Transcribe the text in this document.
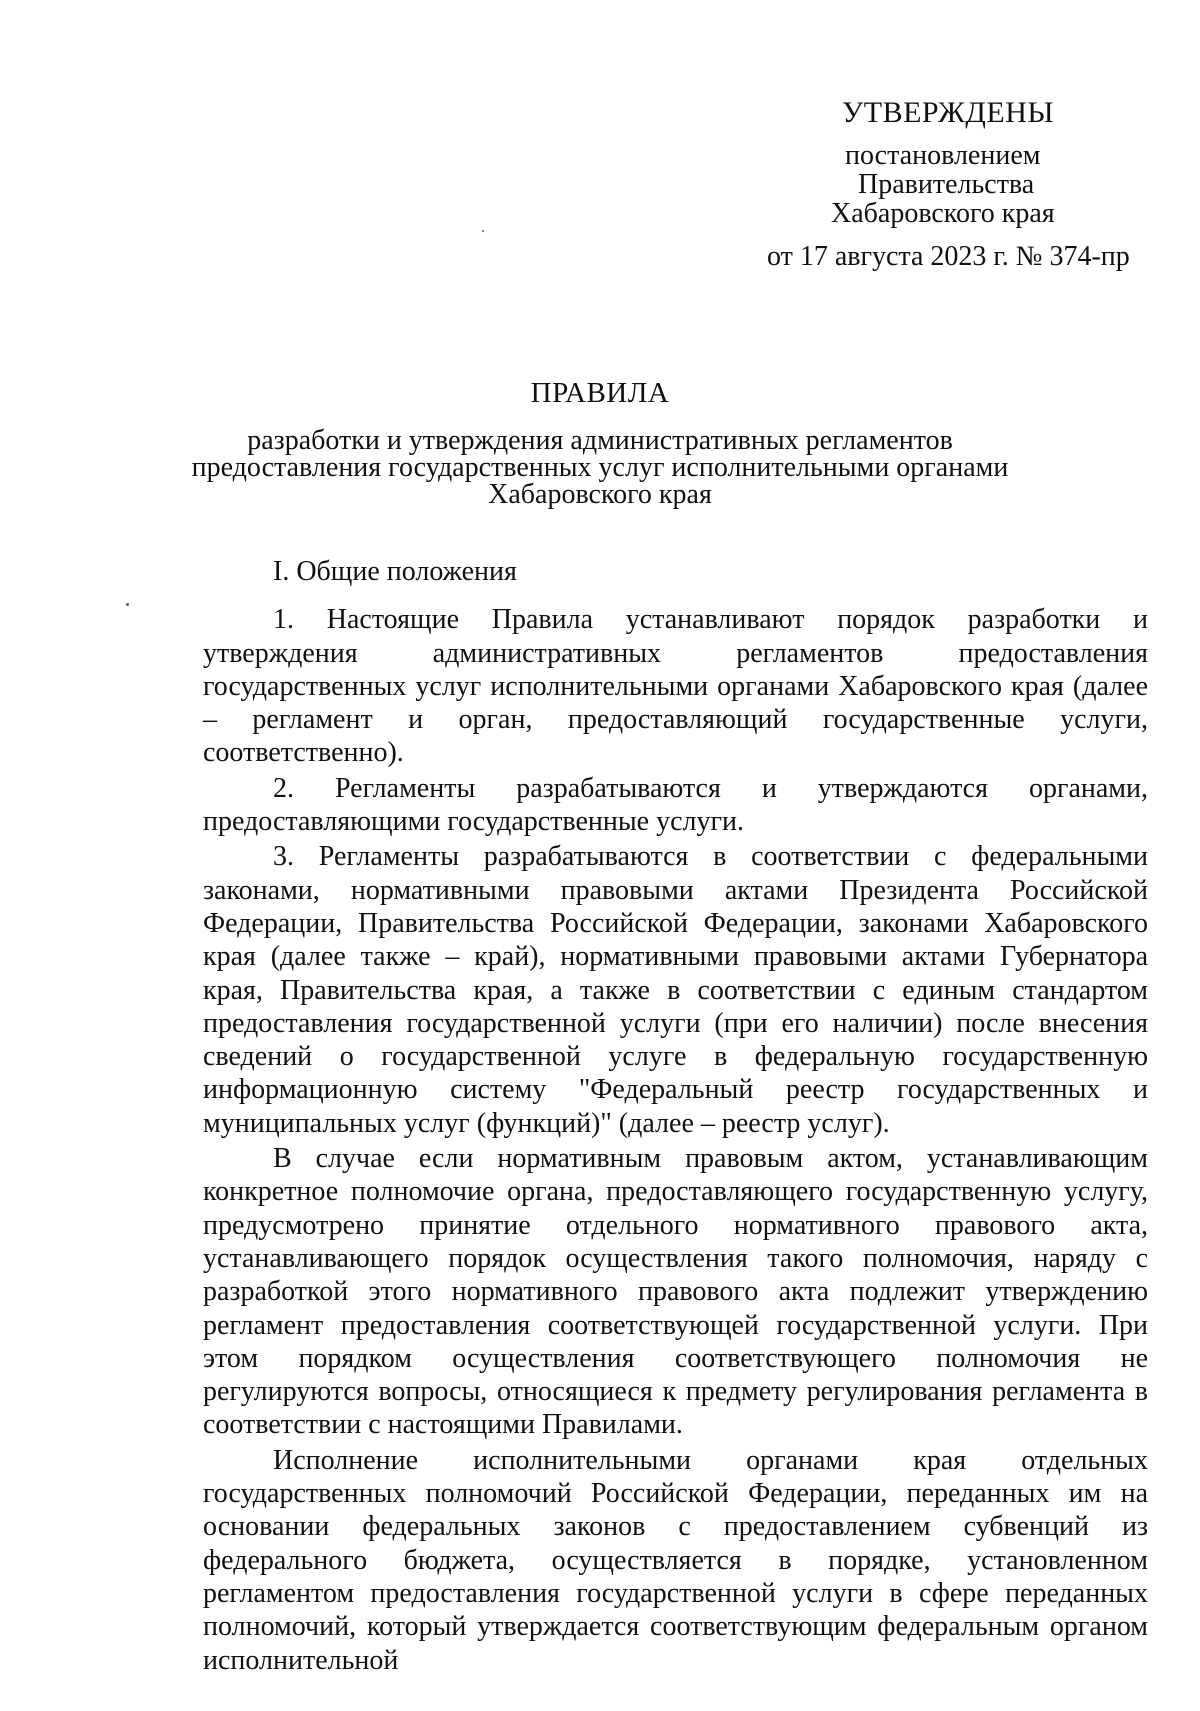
УТВЕРЖДЕНЫ
постановлением
Правительства
Хабаровского края
от 17 августа 2023 г. № 374-пр
ПРАВИЛА
разработки и утверждения административных регламентов
предоставления государственных услуг исполнительными органами
Хабаровского края
I. Общие положения

1. Настоящие Правила устанавливают порядок разработки и утверждения административных регламентов предоставления государственных услуг исполнительными органами Хабаровского края (далее – регламент и орган, предоставляющий государственные услуги, соответственно).

2. Регламенты разрабатываются и утверждаются органами, предоставляющими государственные услуги.

3. Регламенты разрабатываются в соответствии с федеральными законами, нормативными правовыми актами Президента Российской Федерации, Правительства Российской Федерации, законами Хабаровского края (далее также – край), нормативными правовыми актами Губернатора края, Правительства края, а также в соответствии с единым стандартом предоставления государственной услуги (при его наличии) после внесения сведений о государственной услуге в федеральную государственную информационную систему "Федеральный реестр государственных и муниципальных услуг (функций)" (далее – реестр услуг).

В случае если нормативным правовым актом, устанавливающим конкретное полномочие органа, предоставляющего государственную услугу, предусмотрено принятие отдельного нормативного правового акта, устанавливающего порядок осуществления такого полномочия, наряду с разработкой этого нормативного правового акта подлежит утверждению регламент предоставления соответствующей государственной услуги. При этом порядком осуществления соответствующего полномочия не регулируются вопросы, относящиеся к предмету регулирования регламента в соответствии с настоящими Правилами.

Исполнение исполнительными органами края отдельных государственных полномочий Российской Федерации, переданных им на основании федеральных законов с предоставлением субвенций из федерального бюджета, осуществляется в порядке, установленном регламентом предоставления государственной услуги в сфере переданных полномочий, который утверждается соответствующим федеральным органом исполнительной
